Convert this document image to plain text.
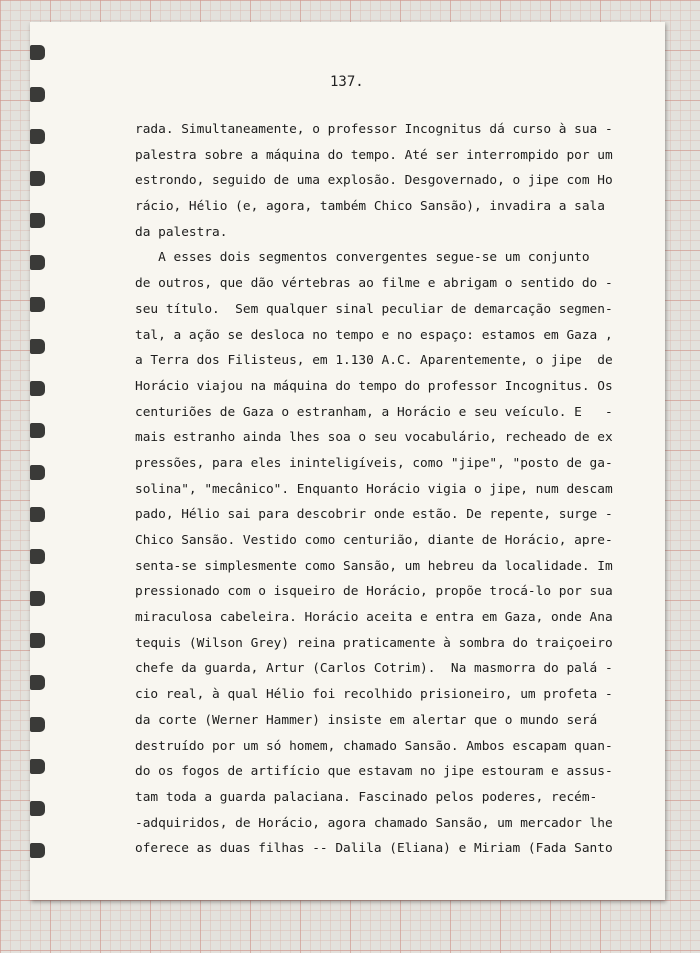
137.
rada. Simultaneamente, o professor Incognitus dá curso à sua -
palestra sobre a máquina do tempo. Até ser interrompido por um
estrondo, seguido de uma explosão. Desgovernado, o jipe com Ho
rácio, Hélio (e, agora, também Chico Sansão), invadira a sala
da palestra.
A esses dois segmentos convergentes segue-se um conjunto
de outros, que dão vértebras ao filme e abrigam o sentido do -
seu título.  Sem qualquer sinal peculiar de demarcação segmen-
tal, a ação se desloca no tempo e no espaço: estamos em Gaza ,
a Terra dos Filisteus, em 1.130 A.C. Aparentemente, o jipe  de
Horácio viajou na máquina do tempo do professor Incognitus. Os
centuriões de Gaza o estranham, a Horácio e seu veículo. E   -
mais estranho ainda lhes soa o seu vocabulário, recheado de ex
pressões, para eles ininteligíveis, como "jipe", "posto de ga-
solina", "mecânico". Enquanto Horácio vigia o jipe, num descam
pado, Hélio sai para descobrir onde estão. De repente, surge -
Chico Sansão. Vestido como centurião, diante de Horácio, apre-
senta-se simplesmente como Sansão, um hebreu da localidade. Im
pressionado com o isqueiro de Horácio, propõe trocá-lo por sua
miraculosa cabeleira. Horácio aceita e entra em Gaza, onde Ana
tequis (Wilson Grey) reina praticamente à sombra do traiçoeiro
chefe da guarda, Artur (Carlos Cotrim).  Na masmorra do palá -
cio real, à qual Hélio foi recolhido prisioneiro, um profeta -
da corte (Werner Hammer) insiste em alertar que o mundo será
destruído por um só homem, chamado Sansão. Ambos escapam quan-
do os fogos de artifício que estavam no jipe estouram e assus-
tam toda a guarda palaciana. Fascinado pelos poderes, recém-
-adquiridos, de Horácio, agora chamado Sansão, um mercador lhe
oferece as duas filhas -- Dalila (Eliana) e Miriam (Fada Santo
